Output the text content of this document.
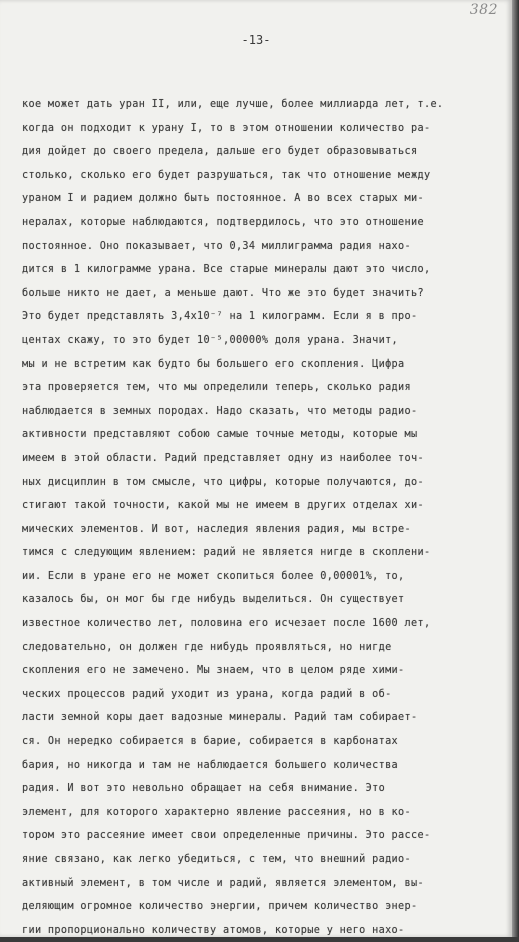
382
-13-
кое может дать уран II, или, еще лучше, более миллиарда лет, т.е.
когда он подходит к урану I, то в этом отношении количество ра-
дия дойдет до своего предела, дальше его будет образовываться
столько, сколько его будет разрушаться, так что отношение между
ураном I и радием должно быть постоянное. А во всех старых ми-
нералах, которые наблюдаются, подтвердилось, что это отношение
постоянное. Оно показывает, что 0,34 миллиграмма радия нахо-
дится в 1 килограмме урана. Все старые минералы дают это число,
больше никто не дает, а меньше дают. Что же это будет значить?
Это будет представлять 3,4х10⁻⁷ на 1 килограмм. Если я в про-
центах скажу, то это будет 10⁻⁵,00000% доля урана. Значит,
мы и не встретим как будто бы большего его скопления. Цифра
эта проверяется тем, что мы определили теперь, сколько радия
наблюдается в земных породах. Надо сказать, что методы радио-
активности представляют собою самые точные методы, которые мы
имеем в этой области. Радий представляет одну из наиболее точ-
ных дисциплин в том смысле, что цифры, которые получаются, до-
стигают такой точности, какой мы не имеем в других отделах хи-
мических элементов. И вот, наследия явления радия, мы встре-
тимся с следующим явлением: радий не является нигде в скоплени-
ии. Если в уране его не может скопиться более 0,00001%, то,
казалось бы, он мог бы где нибудь выделиться. Он существует
известное количество лет, половина его исчезает после 1600 лет,
следовательно, он должен где нибудь проявляться, но нигде
скопления его не замечено. Мы знаем, что в целом ряде хими-
ческих процессов радий уходит из урана, когда радий в об-
ласти земной коры дает вадозные минералы. Радий там собирает-
ся. Он нередко собирается в барие, собирается в карбонатах
бария, но никогда и там не наблюдается большего количества
радия. И вот это невольно обращает на себя внимание. Это
элемент, для которого характерно явление рассеяния, но в ко-
тором это рассеяние имеет свои определенные причины. Это рассе-
яние связано, как легко убедиться, с тем, что внешний радио-
активный элемент, в том числе и радий, является элементом, вы-
деляющим огромное количество энергии, причем количество энер-
гии пропорционально количеству атомов, которые у него нахо-
